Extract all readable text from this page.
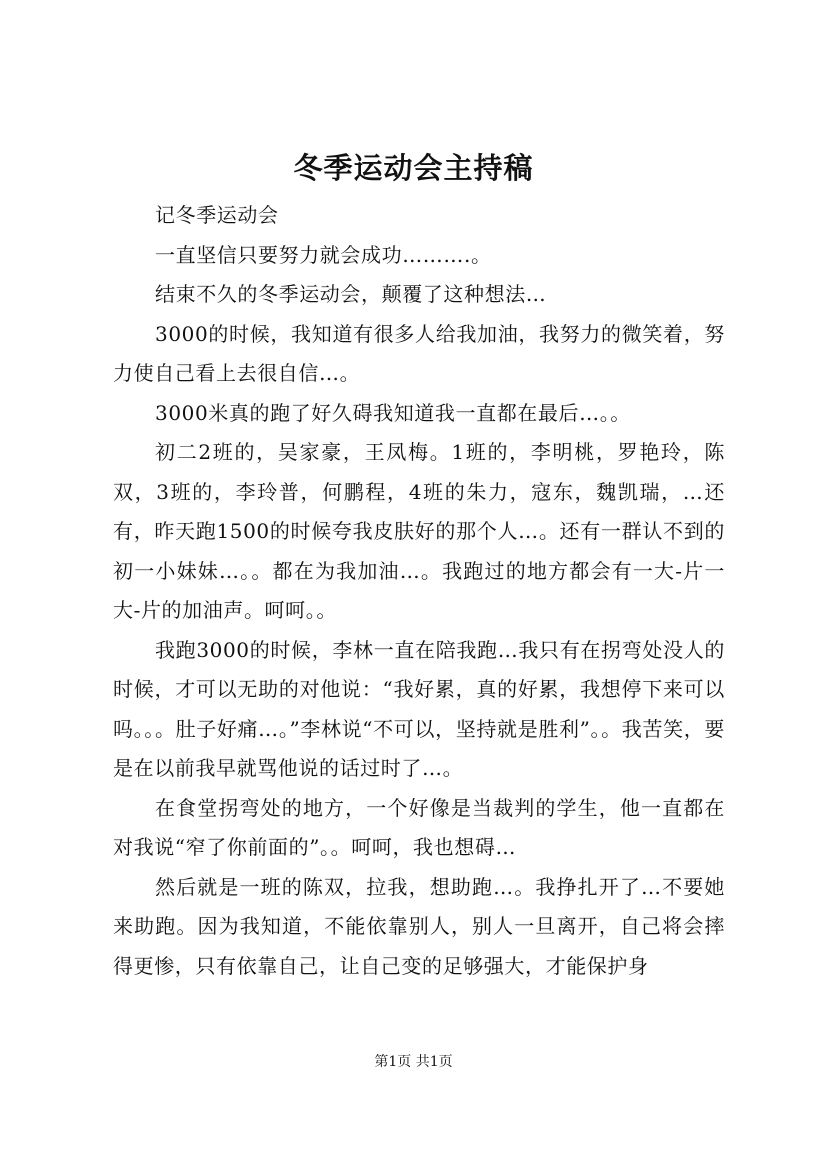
冬季运动会主持稿

记冬季运动会

一直坚信只要努力就会成功……….。

结束不久的冬季运动会，颠覆了这种想法…

3000的时候，我知道有很多人给我加油，我努力的微笑着，努力使自己看上去很自信…。

3000米真的跑了好久碍我知道我一直都在最后…。。

初二2班的，吴家豪，王凤梅。1班的，李明桃，罗艳玲，陈双，3班的，李玲普，何鹏程，4班的朱力，寇东，魏凯瑞，…还有，昨天跑1500的时候夸我皮肤好的那个人…。还有一群认不到的初一小妹妹…。。都在为我加油…。我跑过的地方都会有一大-片一大-片的加油声。呵呵。。

我跑3000的时候，李林一直在陪我跑…我只有在拐弯处没人的时候，才可以无助的对他说：“我好累，真的好累，我想停下来可以吗。。。肚子好痛…。”李林说“不可以，坚持就是胜利”。。我苦笑，要是在以前我早就骂他说的话过时了…。

在食堂拐弯处的地方，一个好像是当裁判的学生，他一直都在对我说“窄了你前面的”。。呵呵，我也想碍…

然后就是一班的陈双，拉我，想助跑…。我挣扎开了…不要她来助跑。因为我知道，不能依靠别人，别人一旦离开，自己将会摔得更惨，只有依靠自己，让自己变的足够强大，才能保护身

第1页 共1页
